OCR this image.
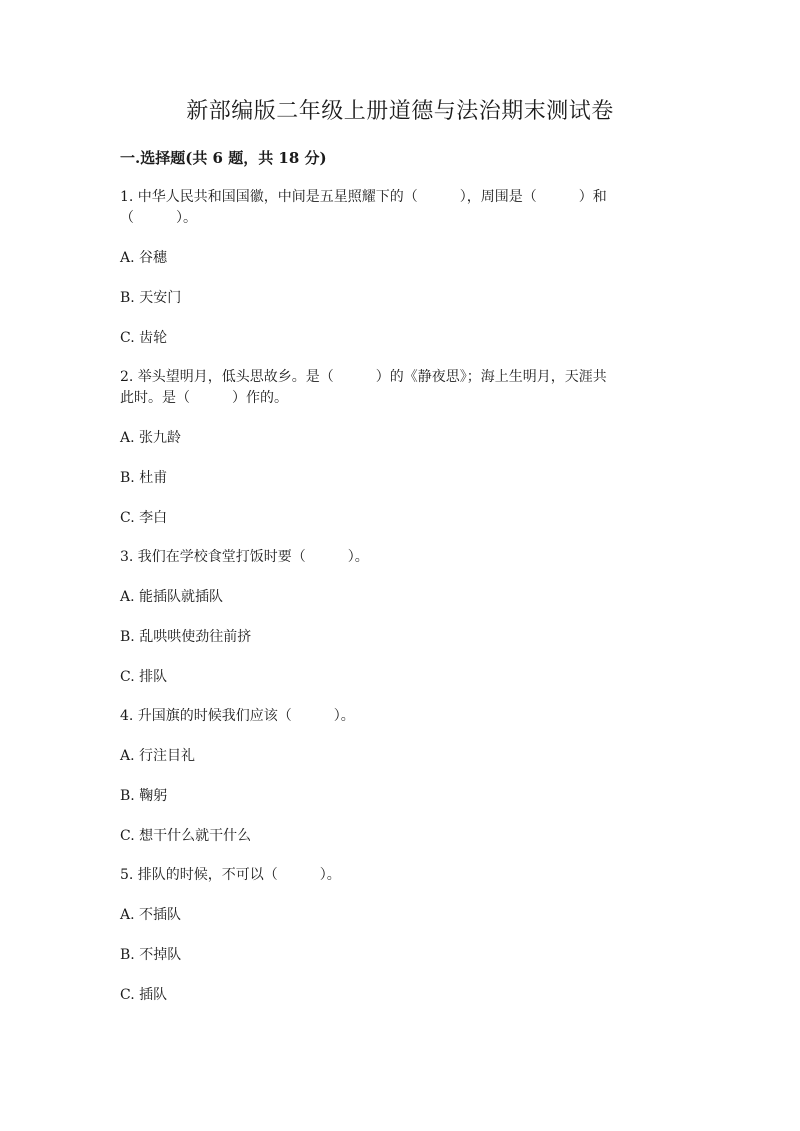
新部编版二年级上册道德与法治期末测试卷
一.选择题(共 6 题，共 18 分)
1. 中华人民共和国国徽，中间是五星照耀下的（　　　），周围是（　　　）和
（　　　）。
A. 谷穗
B. 天安门
C. 齿轮
2. 举头望明月，低头思故乡。是（　　　）的《静夜思》；海上生明月，天涯共
此时。是（　　　）作的。
A. 张九龄
B. 杜甫
C. 李白
3. 我们在学校食堂打饭时要（　　　）。
A. 能插队就插队
B. 乱哄哄使劲往前挤
C. 排队
4. 升国旗的时候我们应该（　　　）。
A. 行注目礼
B. 鞠躬
C. 想干什么就干什么
5. 排队的时候，不可以（　　　）。
A. 不插队
B. 不掉队
C. 插队
